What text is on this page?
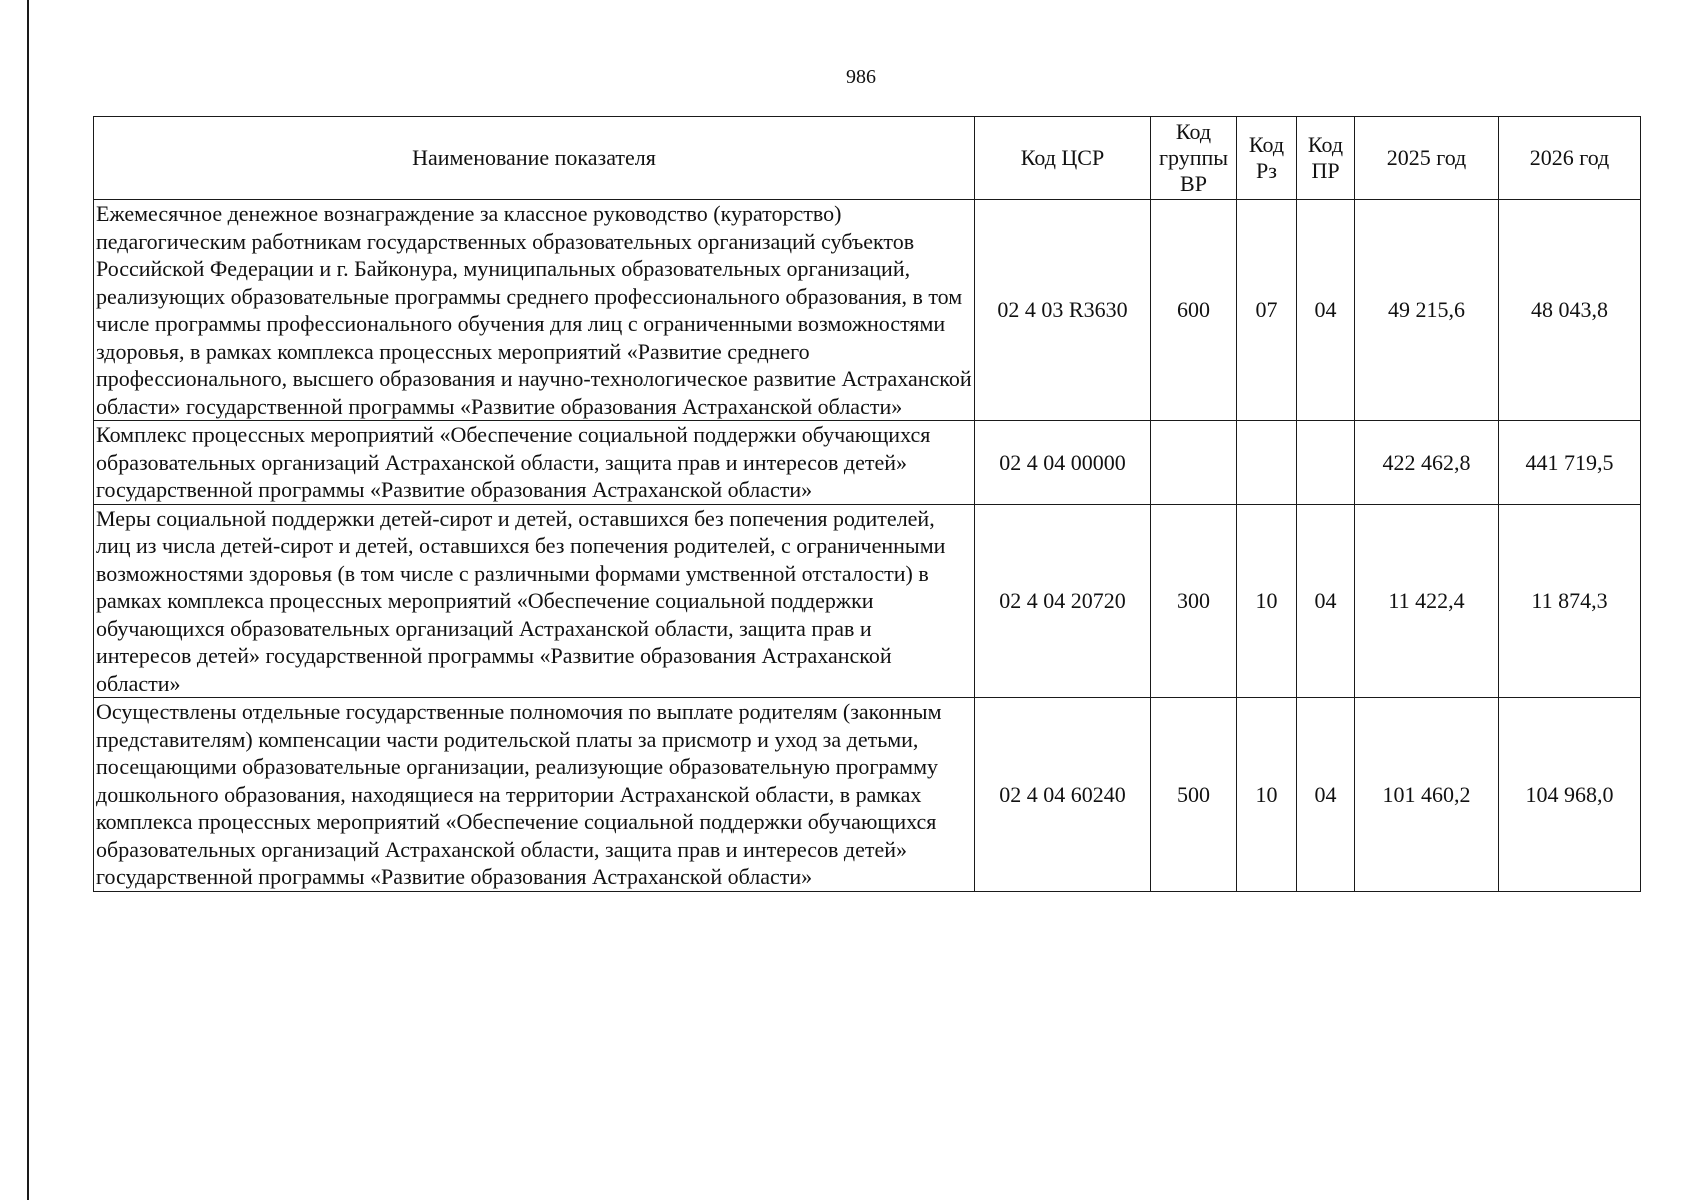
986
Наименование показателя	Код ЦСР	Код группы ВР	Код Рз	Код ПР	2025 год	2026 год
Ежемесячное денежное вознаграждение за классное руководство (кураторство) педагогическим работникам государственных образовательных организаций субъектов Российской Федерации и г. Байконура, муниципальных образовательных организаций, реализующих образовательные программы среднего профессионального образования, в том числе программы профессионального обучения для лиц с ограниченными возможностями здоровья, в рамках комплекса процессных мероприятий «Развитие среднего профессионального, высшего образования и научно-технологическое развитие Астраханской области» государственной программы «Развитие образования Астраханской области»	02 4 03 R3630	600	07	04	49 215,6	48 043,8
Комплекс процессных мероприятий «Обеспечение социальной поддержки обучающихся образовательных организаций Астраханской области, защита прав и интересов детей» государственной программы «Развитие образования Астраханской области»	02 4 04 00000				422 462,8	441 719,5
Меры социальной поддержки детей-сирот и детей, оставшихся без попечения родителей, лиц из числа детей-сирот и детей, оставшихся без попечения родителей, с ограниченными возможностями здоровья (в том числе с различными формами умственной отсталости) в рамках комплекса процессных мероприятий «Обеспечение социальной поддержки обучающихся образовательных организаций Астраханской области, защита прав и интересов детей» государственной программы «Развитие образования Астраханской области»	02 4 04 20720	300	10	04	11 422,4	11 874,3
Осуществлены отдельные государственные полномочия по выплате родителям (законным представителям) компенсации части родительской платы за присмотр и уход за детьми, посещающими образовательные организации, реализующие образовательную программу дошкольного образования, находящиеся на территории Астраханской области, в рамках комплекса процессных мероприятий «Обеспечение социальной поддержки обучающихся образовательных организаций Астраханской области, защита прав и интересов детей» государственной программы «Развитие образования Астраханской области»	02 4 04 60240	500	10	04	101 460,2	104 968,0
